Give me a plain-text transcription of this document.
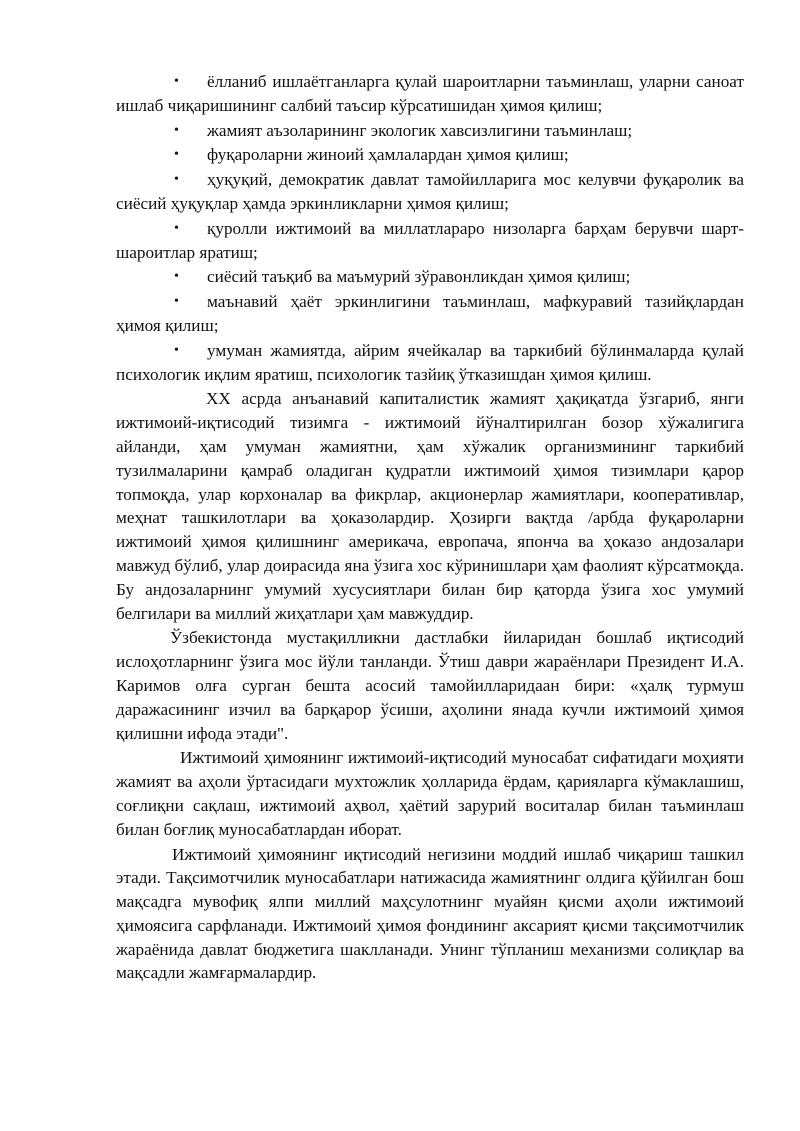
• ёлланиб ишлаётганларга қулай шароитларни таъминлаш, уларни саноат ишлаб чиқаришининг салбий таъсир кўрсатишидан ҳимоя қилиш;
• жамият аъзоларининг экологик хавсизлигини таъминлаш;
• фуқароларни жиноий ҳамлалардан ҳимоя қилиш;
• ҳуқуқий, демократик давлат тамойилларига мос келувчи фуқаролик ва сиёсий ҳуқуқлар ҳамда эркинликларни ҳимоя қилиш;
• қуролли ижтимоий ва миллатлараро низоларга барҳам берувчи шарт-шароитлар яратиш;
• сиёсий таъқиб ва маъмурий зўравонликдан ҳимоя қилиш;
• маънавий ҳаёт эркинлигини таъминлаш, мафкуравий тазийқлардан ҳимоя қилиш;
• умуман жамиятда, айрим ячейкалар ва таркибий бўлинмаларда қулай психологик иқлим яратиш, психологик тазйиқ ўтказишдан ҳимоя қилиш.

XX асрда анъанавий капиталистик жамият ҳақиқатда ўзгариб, янги ижтимоий-иқтисодий тизимга - ижтимоий йўналтирилган бозор хўжалигига айланди, ҳам умуман жамиятни, ҳам хўжалик организмининг таркибий тузилмаларини қамраб оладиган қудратли ижтимоий ҳимоя тизимлари қарор топмоқда, улар корхоналар ва фикрлар, акционерлар жамиятлари, кооперативлар, меҳнат ташкилотлари ва ҳоказолардир. Ҳозирги вақтда /арбда фуқароларни ижтимоий ҳимоя қилишнинг америкача, европача, японча ва ҳоказо андозалари мавжуд бўлиб, улар доирасида яна ўзига хос кўринишлари ҳам фаолият кўрсатмоқда. Бу андозаларнинг умумий хусусиятлари билан бир қаторда ўзига хос умумий белгилари ва миллий жиҳатлари ҳам мавжуддир.

Ўзбекистонда мустақилликни дастлабки йиларидан бошлаб иқтисодий ислоҳотларнинг ўзига мос йўли танланди. Ўтиш даври жараёнлари Президент И.А. Каримов олға сурган бешта асосий тамойилларидаан бири: «ҳалқ турмуш даражасининг изчил ва барқарор ўсиши, аҳолини янада кучли ижтимоий ҳимоя қилишни ифода этади".

Ижтимоий ҳимоянинг ижтимоий-иқтисодий муносабат сифатидаги моҳияти жамият ва аҳоли ўртасидаги мухтожлик ҳолларида ёрдам, қарияларга кўмаклашиш, соғлиқни сақлаш, ижтимоий аҳвол, ҳаётий зарурий воситалар билан таъминлаш билан боғлиқ муносабатлардан иборат.

Ижтимоий ҳимоянинг иқтисодий негизини моддий ишлаб чиқариш ташкил этади. Тақсимотчилик муносабатлари натижасида жамиятнинг олдига қўйилган бош мақсадга мувофиқ ялпи миллий маҳсулотнинг муайян қисми аҳоли ижтимоий ҳимоясига сарфланади. Ижтимоий ҳимоя фондининг аксарият қисми тақсимотчилик жараёнида давлат бюджетига шаклланади. Унинг тўпланиш механизми солиқлар ва мақсадли жамғармалардир.
